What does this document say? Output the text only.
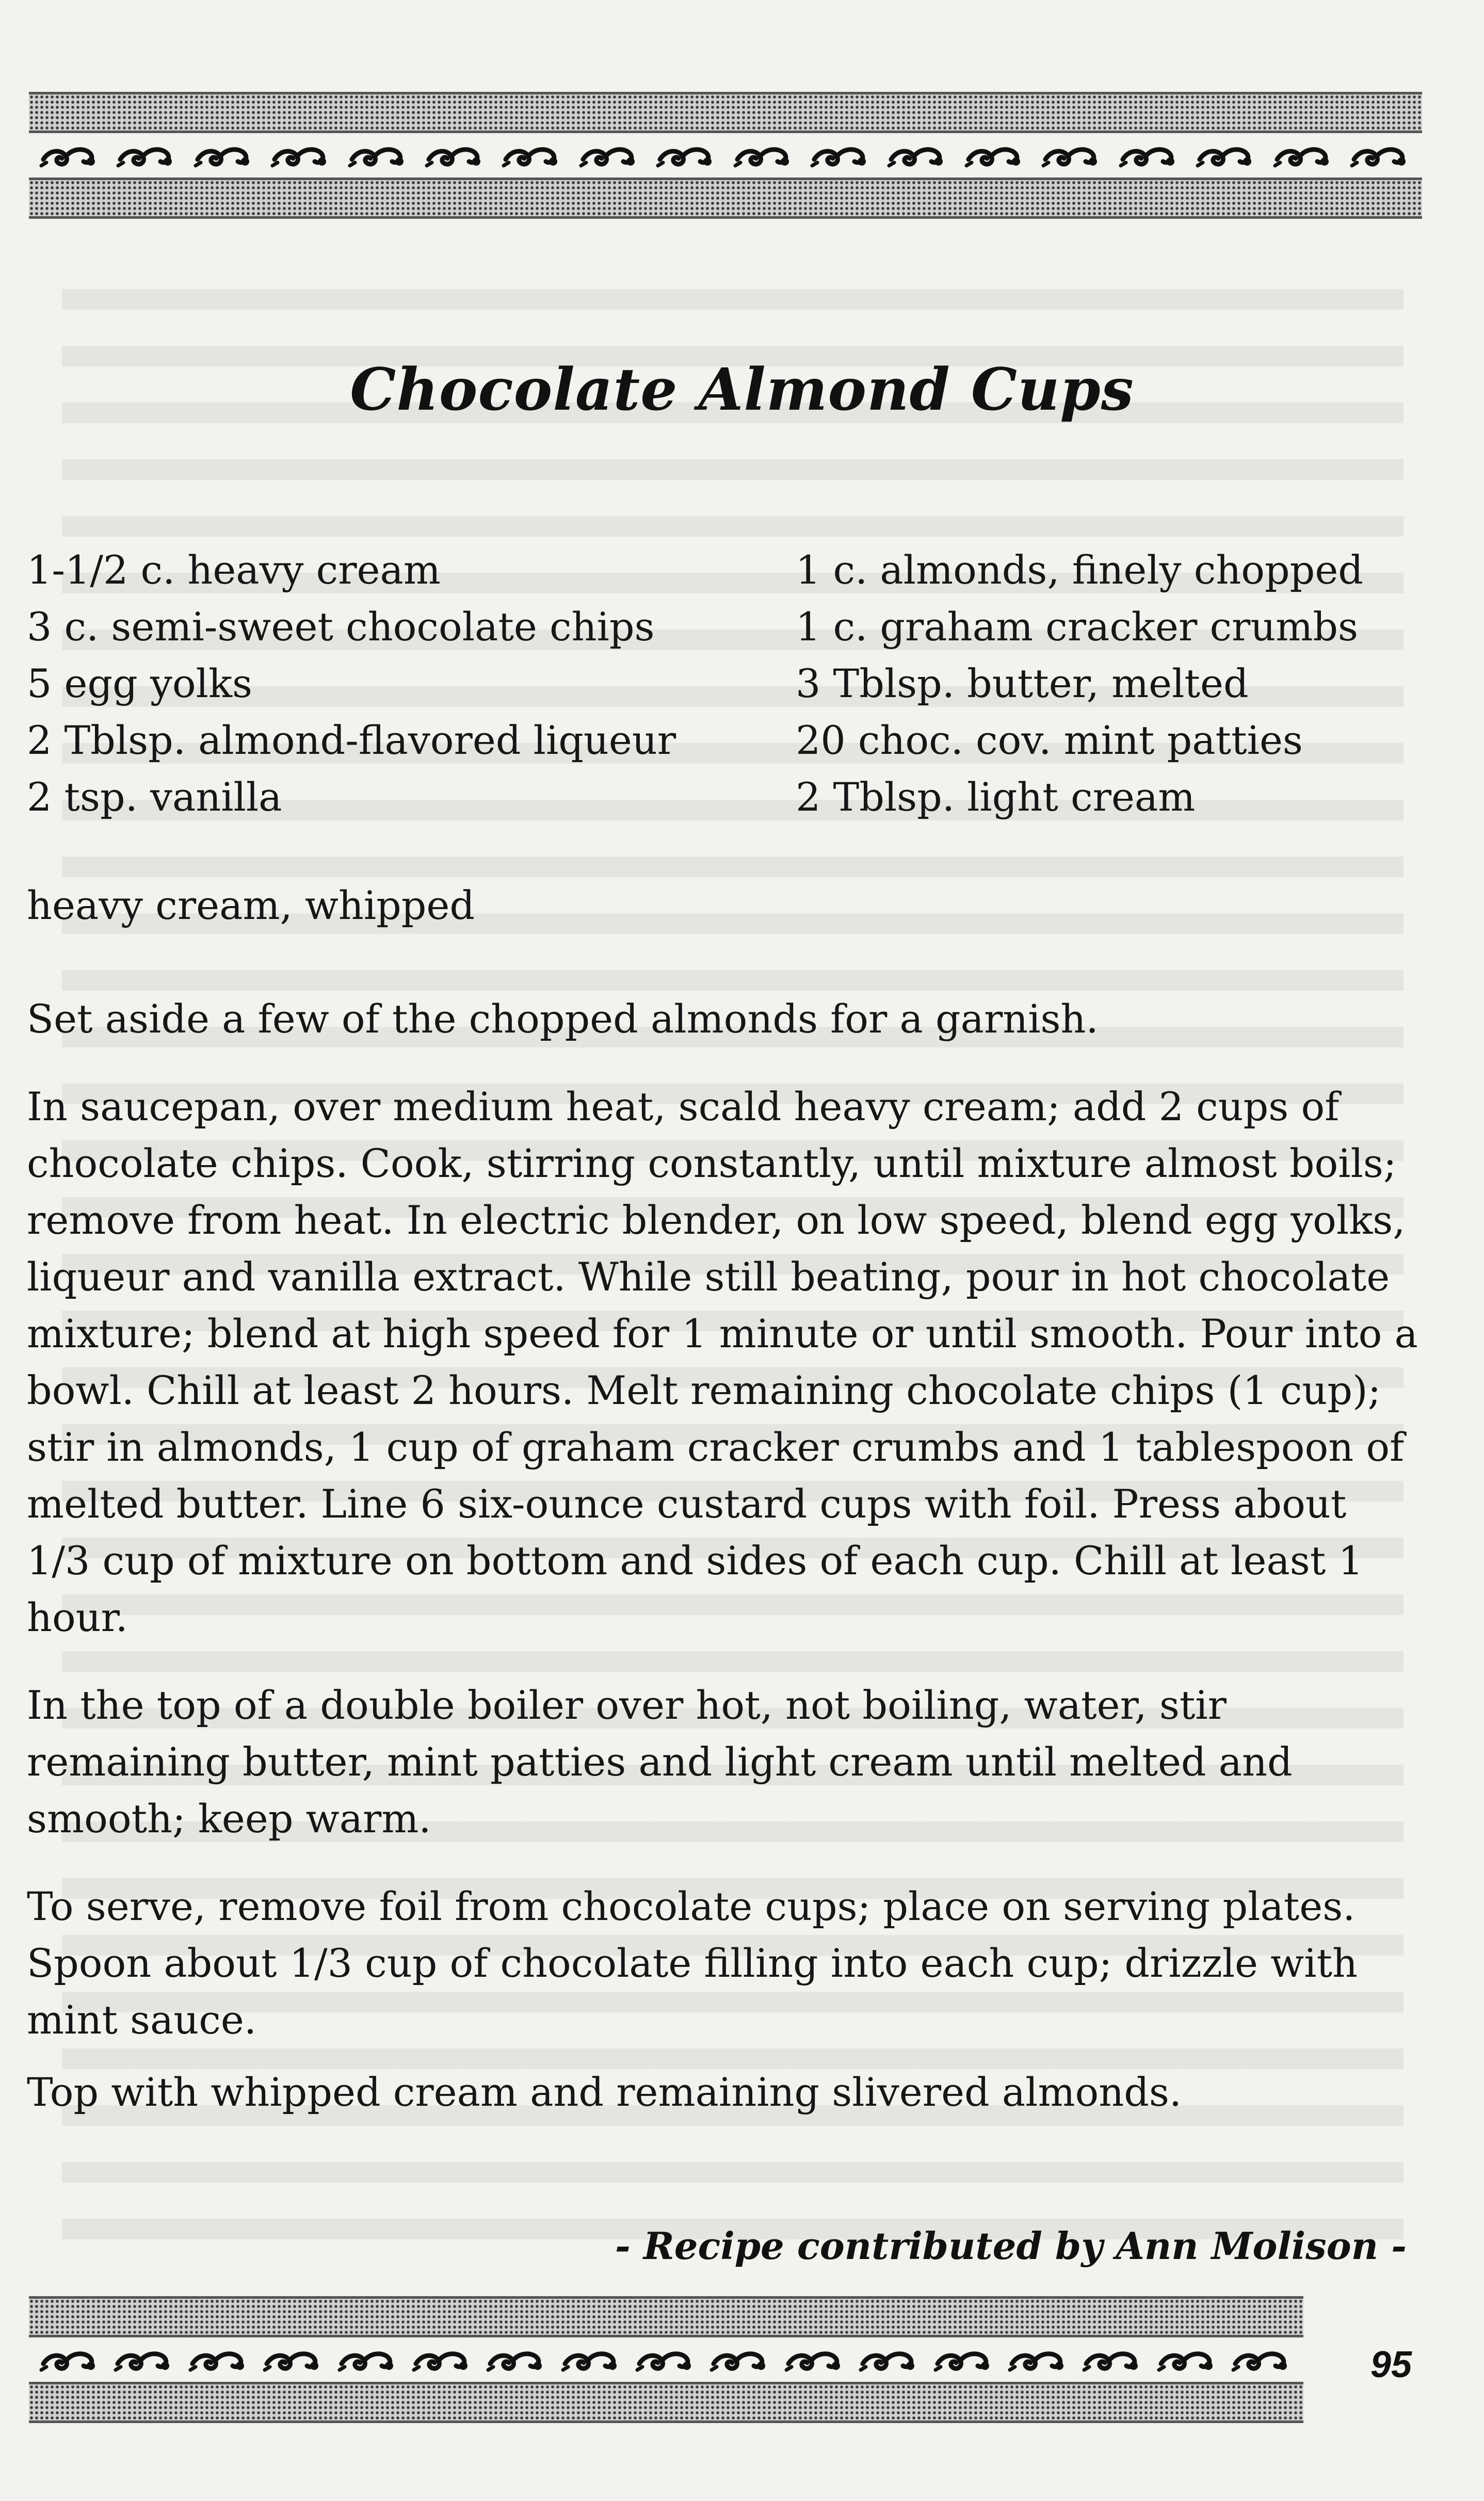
Chocolate Almond Cups
1-1/2 c. heavy cream
3 c. semi-sweet chocolate chips
5 egg yolks
2 Tblsp. almond-flavored liqueur
2 tsp. vanilla
1 c. almonds, finely chopped
1 c. graham cracker crumbs
3 Tblsp. butter, melted
20 choc. cov. mint patties
2 Tblsp. light cream
heavy cream, whipped

Set aside a few of the chopped almonds for a garnish.

In saucepan, over medium heat, scald heavy cream; add 2 cups of chocolate chips. Cook, stirring constantly, until mixture almost boils; remove from heat. In electric blender, on low speed, blend egg yolks, liqueur and vanilla extract. While still beating, pour in hot chocolate mixture; blend at high speed for 1 minute or until smooth. Pour into a bowl. Chill at least 2 hours. Melt remaining chocolate chips (1 cup); stir in almonds, 1 cup of graham cracker crumbs and 1 tablespoon of melted butter. Line 6 six-ounce custard cups with foil. Press about 1/3 cup of mixture on bottom and sides of each cup. Chill at least 1 hour.

In the top of a double boiler over hot, not boiling, water, stir remaining butter, mint patties and light cream until melted and smooth; keep warm.

To serve, remove foil from chocolate cups; place on serving plates. Spoon about 1/3 cup of chocolate filling into each cup; drizzle with mint sauce.

Top with whipped cream and remaining slivered almonds.

- Recipe contributed by Ann Molison -
95
